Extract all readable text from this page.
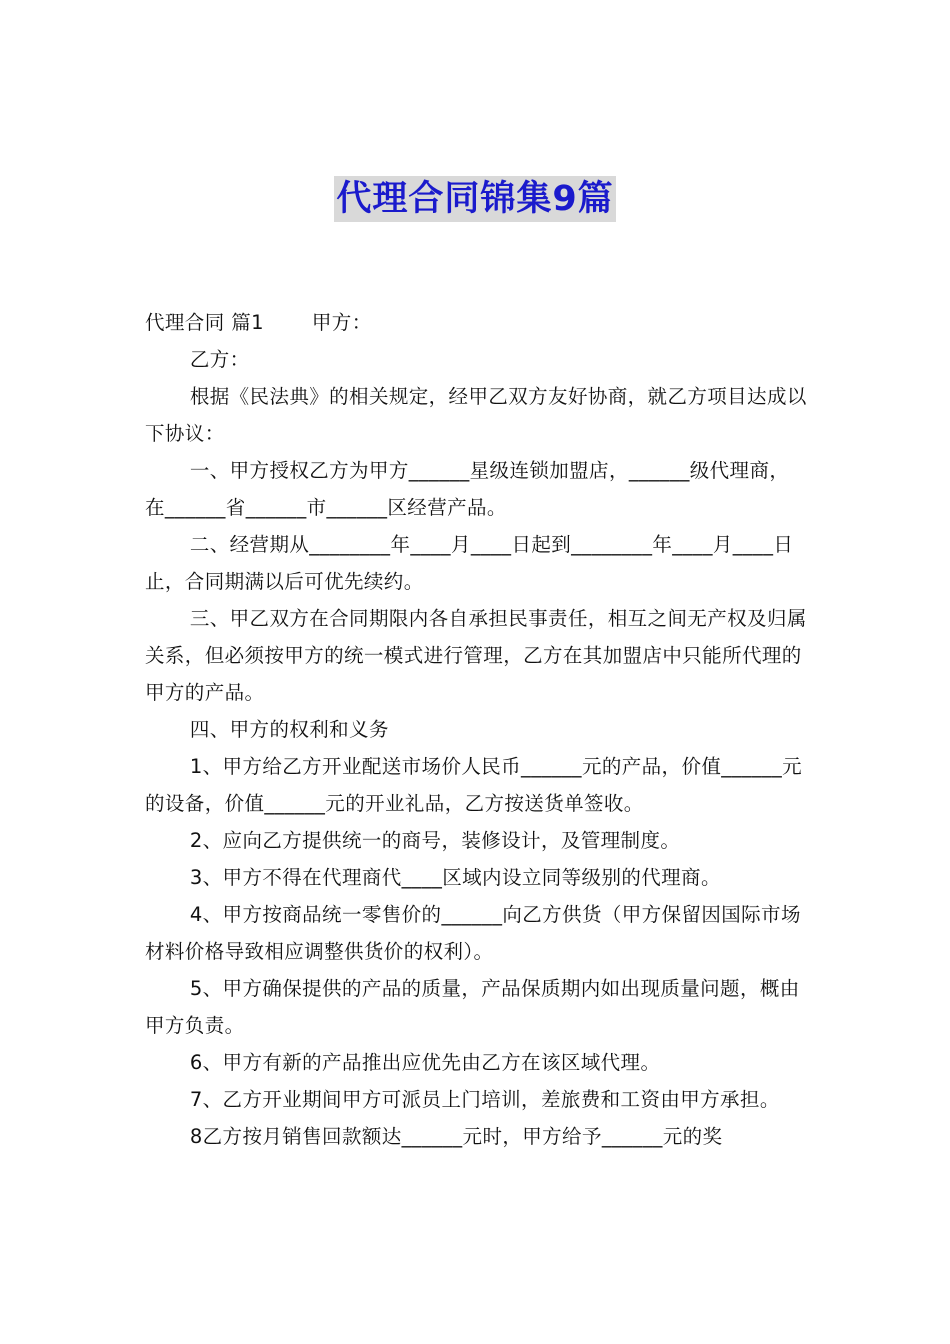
代理合同锦集9篇

代理合同 篇1 甲方：

乙方：

根据《民法典》的相关规定，经甲乙双方友好协商，就乙方项目达成以下协议：

一、甲方授权乙方为甲方______星级连锁加盟店，______级代理商，在______省______市______区经营产品。

二、经营期从________年____月____日起到________年____月____日止，合同期满以后可优先续约。

三、甲乙双方在合同期限内各自承担民事责任，相互之间无产权及归属关系，但必须按甲方的统一模式进行管理，乙方在其加盟店中只能所代理的甲方的产品。

四、甲方的权利和义务

1、甲方给乙方开业配送市场价人民币______元的产品，价值______元的设备，价值______元的开业礼品，乙方按送货单签收。

2、应向乙方提供统一的商号，装修设计，及管理制度。

3、甲方不得在代理商代____区域内设立同等级别的代理商。

4、甲方按商品统一零售价的______向乙方供货（甲方保留因国际市场材料价格导致相应调整供货价的权利）。

5、甲方确保提供的产品的质量，产品保质期内如出现质量问题，概由甲方负责。

6、甲方有新的产品推出应优先由乙方在该区域代理。

7、乙方开业期间甲方可派员上门培训，差旅费和工资由甲方承担。

8乙方按月销售回款额达______元时，甲方给予______元的奖
